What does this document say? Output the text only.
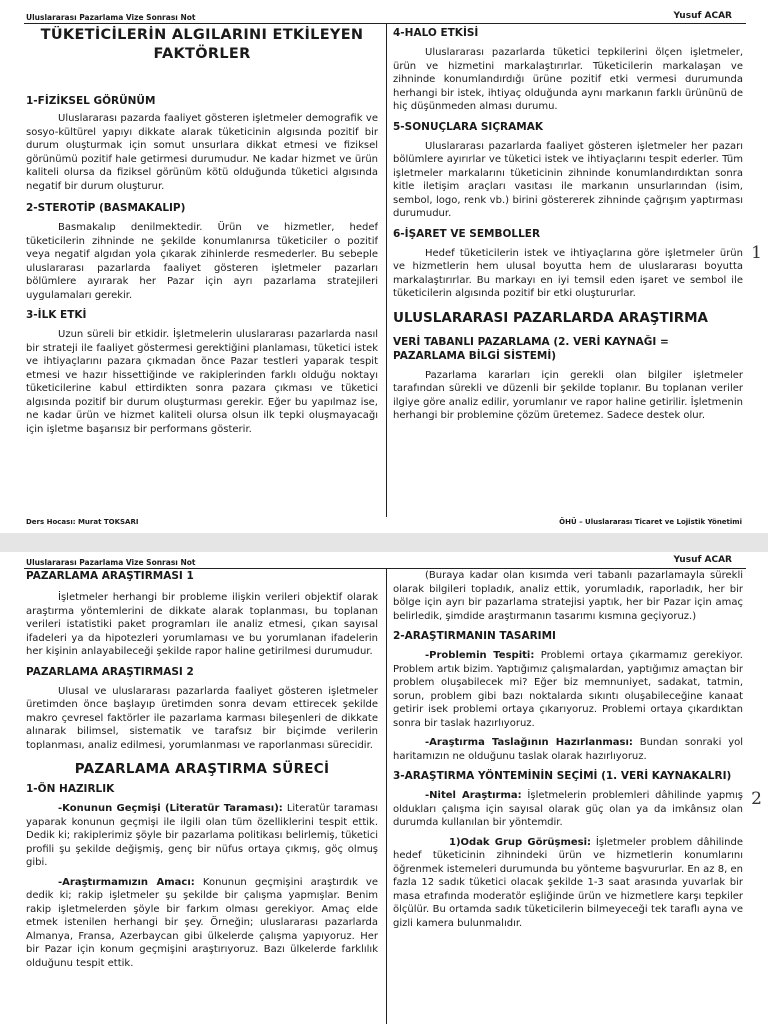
Uluslararası Pazarlama Vize Sonrası Not	Yusuf ACAR
TÜKETİCİLERİN ALGILARINI ETKİLEYEN FAKTÖRLER
1-FİZİKSEL GÖRÜNÜM

Uluslararası pazarda faaliyet gösteren işletmeler demografik ve sosyo-kültürel yapıyı dikkate alarak tüketicinin algısında pozitif bir durum oluşturmak için somut unsurlara dikkat etmesi ve fiziksel görünümü pozitif hale getirmesi durumudur. Ne kadar hizmet ve ürün kaliteli olursa da fiziksel görünüm kötü olduğunda tüketici algısında negatif bir durum oluşturur.

2-STEROTİP (BASMAKALIP)

Basmakalıp denilmektedir. Ürün ve hizmetler, hedef tüketicilerin zihninde ne şekilde konumlanırsa tüketiciler o pozitif veya negatif algıdan yola çıkarak zihinlerde resmederler. Bu sebeple uluslararası pazarlarda faaliyet gösteren işletmeler pazarları bölümlere ayırarak her Pazar için ayrı pazarlama stratejileri uygulamaları gerekir.

3-İLK ETKİ

Uzun süreli bir etkidir. İşletmelerin uluslararası pazarlarda nasıl bir strateji ile faaliyet göstermesi gerektiğini planlaması, tüketici istek ve ihtiyaçlarını pazara çıkmadan önce Pazar testleri yaparak tespit etmesi ve hazır hissettiğinde ve rakiplerinden farklı olduğu noktayı tüketicilerine kabul ettirdikten sonra pazara çıkması ve tüketici algısında pozitif bir durum oluşturması gerekir. Eğer bu yapılmaz ise, ne kadar ürün ve hizmet kaliteli olursa olsun ilk tepki oluşmayacağı için işletme başarısız bir performans gösterir.

4-HALO ETKİSİ

Uluslararası pazarlarda tüketici tepkilerini ölçen işletmeler, ürün ve hizmetini markalaştırırlar. Tüketicilerin markalaşan ve zihninde konumlandırdığı ürüne pozitif etki vermesi durumunda herhangi bir istek, ihtiyaç olduğunda aynı markanın farklı ürününü de hiç düşünmeden alması durumu.

5-SONUÇLARA SIÇRAMAK

Uluslararası pazarlarda faaliyet gösteren işletmeler her pazarı bölümlere ayırırlar ve tüketici istek ve ihtiyaçlarını tespit ederler. Tüm işletmeler markalarını tüketicinin zihninde konumlandırdıktan sonra kitle iletişim araçları vasıtası ile markanın unsurlarından (isim, sembol, logo, renk vb.) birini göstererek zihninde çağrışım yaptırması durumudur.

6-İŞARET VE SEMBOLLER

Hedef tüketicilerin istek ve ihtiyaçlarına göre işletmeler ürün ve hizmetlerin hem ulusal boyutta hem de uluslararası boyutta markalaştırırlar. Bu markayı en iyi temsil eden işaret ve sembol ile tüketicilerin algısında pozitif bir etki oluştururlar.

ULUSLARARASI PAZARLARDA ARAŞTIRMA
VERİ TABANLI PAZARLAMA (2. VERİ KAYNAĞI = PAZARLAMA BİLGİ SİSTEMİ)

Pazarlama kararları için gerekli olan bilgiler işletmeler tarafından sürekli ve düzenli bir şekilde toplanır. Bu toplanan veriler ilgiye göre analiz edilir, yorumlanır ve rapor haline getirilir. İşletmenin herhangi bir problemine çözüm üretemez. Sadece destek olur.

1
Ders Hocası: Murat TOKSARI	ÖHÜ – Uluslararası Ticaret ve Lojistik Yönetimi
Uluslararası Pazarlama Vize Sonrası Not	Yusuf ACAR
PAZARLAMA ARAŞTIRMASI 1

İşletmeler herhangi bir probleme ilişkin verileri objektif olarak araştırma yöntemlerini de dikkate alarak toplanması, bu toplanan verileri istatistiki paket programları ile analiz etmesi, çıkan sayısal ifadeleri ya da hipotezleri yorumlaması ve bu yorumlanan ifadelerin her kişinin anlayabileceği şekilde rapor haline getirilmesi durumudur.

PAZARLAMA ARAŞTIRMASI 2

Ulusal ve uluslararası pazarlarda faaliyet gösteren işletmeler üretimden önce başlayıp üretimden sonra devam ettirecek şekilde makro çevresel faktörler ile pazarlama karması bileşenleri de dikkate alınarak bilimsel, sistematik ve tarafsız bir biçimde verilerin toplanması, analiz edilmesi, yorumlanması ve raporlanması sürecidir.

PAZARLAMA ARAŞTIRMA SÜRECİ
1-ÖN HAZIRLIK

-Konunun Geçmişi (Literatür Taraması): Literatür taraması yaparak konunun geçmişi ile ilgili olan tüm özelliklerini tespit ettik. Dedik ki; rakiplerimiz şöyle bir pazarlama politikası belirlemiş, tüketici profili şu şekilde değişmiş, genç bir nüfus ortaya çıkmış, göç olmuş gibi.

-Araştırmamızın Amacı: Konunun geçmişini araştırdık ve dedik ki; rakip işletmeler şu şekilde bir çalışma yapmışlar. Benim rakip işletmelerden şöyle bir farkım olması gerekiyor. Amaç elde etmek istenilen herhangi bir şey. Örneğin; uluslararası pazarlarda Almanya, Fransa, Azerbaycan gibi ülkelerde çalışma yapıyoruz. Her bir Pazar için konum geçmişini araştırıyoruz. Bazı ülkelerde farklılık olduğunu tespit ettik.

(Buraya kadar olan kısımda veri tabanlı pazarlamayla sürekli olarak bilgileri topladık, analiz ettik, yorumladık, raporladık, her bir bölge için ayrı bir pazarlama stratejisi yaptık, her bir Pazar için amaç belirledik, şimdide araştırmanın tasarımı kısmına geçiyoruz.)

2-ARAŞTIRMANIN TASARIMI

-Problemin Tespiti: Problemi ortaya çıkarmamız gerekiyor. Problem artık bizim. Yaptığımız çalışmalardan, yaptığımız amaçtan bir problem oluşabilecek mi? Eğer biz memnuniyet, sadakat, tatmin, sorun, problem gibi bazı noktalarda sıkıntı oluşabileceğine kanaat getirir isek problemi ortaya çıkarıyoruz. Problemi ortaya çıkardıktan sonra bir taslak hazırlıyoruz.

-Araştırma Taslağının Hazırlanması: Bundan sonraki yol haritamızın ne olduğunu taslak olarak hazırlıyoruz.

3-ARAŞTIRMA YÖNTEMİNİN SEÇİMİ (1. VERİ KAYNAKALRI)

-Nitel Araştırma: İşletmelerin problemleri dâhilinde yapmış oldukları çalışma için sayısal olarak güç olan ya da imkânsız olan durumda kullanılan bir yöntemdir.

1)Odak Grup Görüşmesi: İşletmeler problem dâhilinde hedef tüketicinin zihnindeki ürün ve hizmetlerin konumlarını öğrenmek istemeleri durumunda bu yönteme başvururlar. En az 8, en fazla 12 sadık tüketici olacak şekilde 1-3 saat arasında yuvarlak bir masa etrafında moderatör eşliğinde ürün ve hizmetlere karşı tepkiler ölçülür. Bu ortamda sadık tüketicilerin bilmeyeceği tek taraflı ayna ve gizli kamera bulunmalıdır.

2
